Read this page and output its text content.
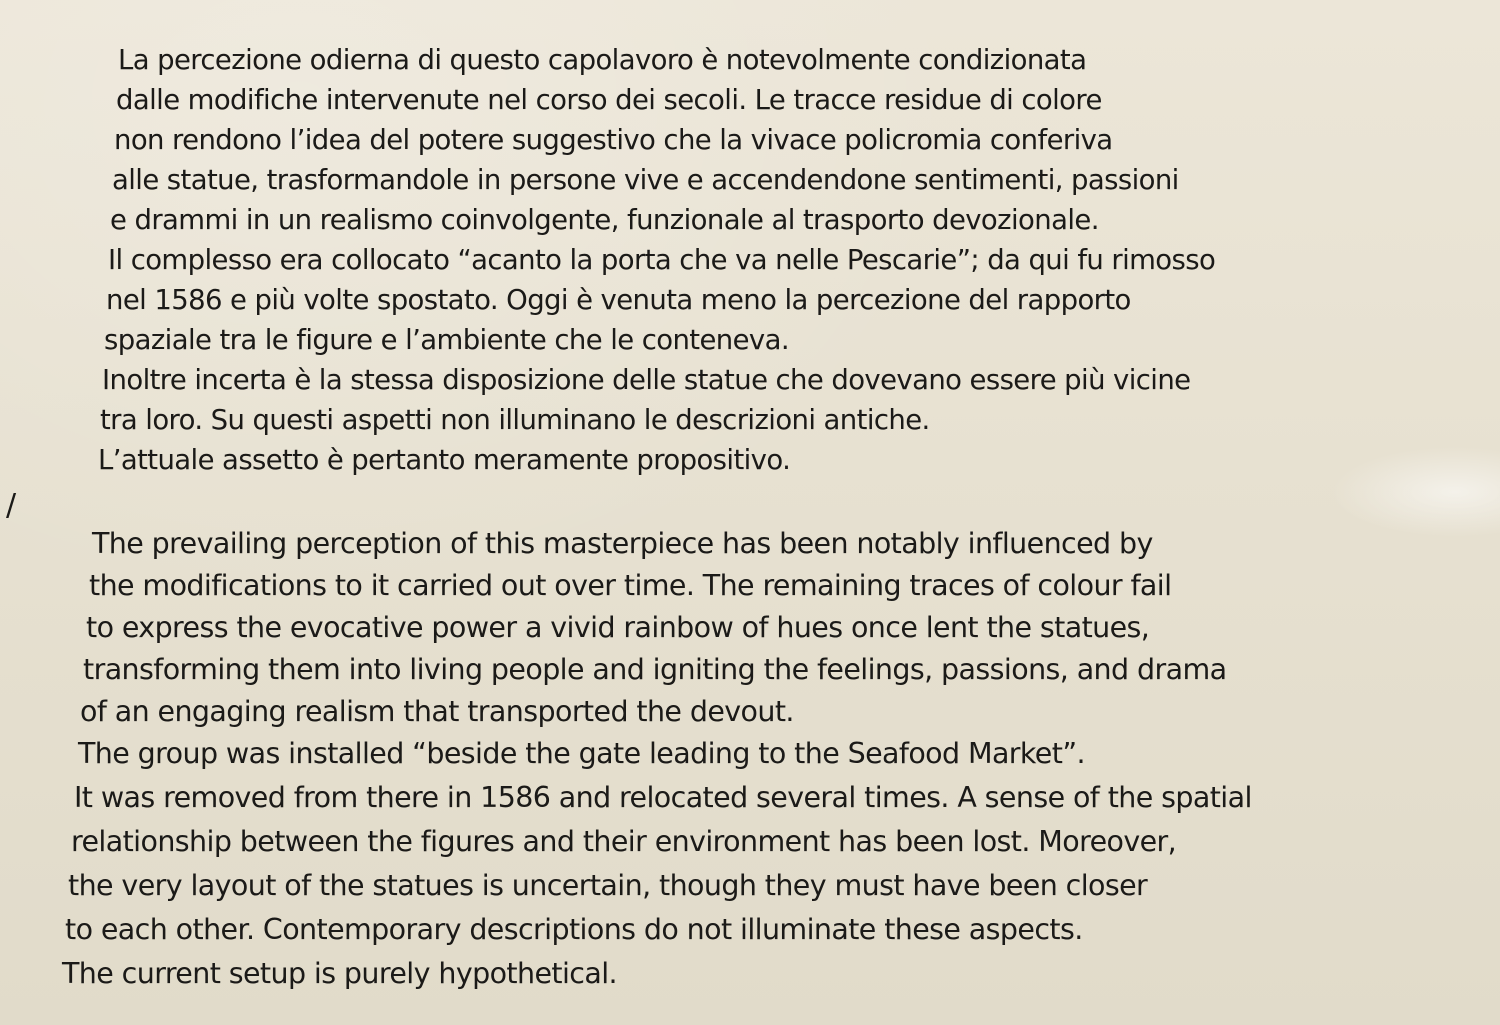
La percezione odierna di questo capolavoro è notevolmente condizionata
dalle modifiche intervenute nel corso dei secoli. Le tracce residue di colore
non rendono l’idea del potere suggestivo che la vivace policromia conferiva
alle statue, trasformandole in persone vive e accendendone sentimenti, passioni
e drammi in un realismo coinvolgente, funzionale al trasporto devozionale.
Il complesso era collocato “acanto la porta che va nelle Pescarie”; da qui fu rimosso
nel 1586 e più volte spostato. Oggi è venuta meno la percezione del rapporto
spaziale tra le figure e l’ambiente che le conteneva.
Inoltre incerta è la stessa disposizione delle statue che dovevano essere più vicine
tra loro. Su questi aspetti non illuminano le descrizioni antiche.
L’attuale assetto è pertanto meramente propositivo.
/
The prevailing perception of this masterpiece has been notably influenced by
the modifications to it carried out over time. The remaining traces of colour fail
to express the evocative power a vivid rainbow of hues once lent the statues,
transforming them into living people and igniting the feelings, passions, and drama
of an engaging realism that transported the devout.
The group was installed “beside the gate leading to the Seafood Market”.
It was removed from there in 1586 and relocated several times. A sense of the spatial
relationship between the figures and their environment has been lost. Moreover,
the very layout of the statues is uncertain, though they must have been closer
to each other. Contemporary descriptions do not illuminate these aspects.
The current setup is purely hypothetical.
